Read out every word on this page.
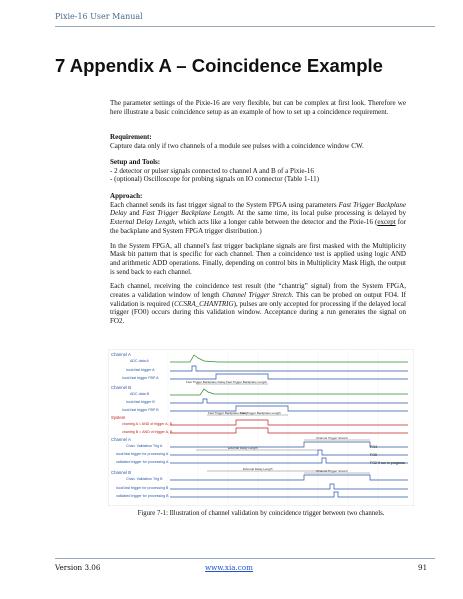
Pixie-16 User Manual
7 Appendix A – Coincidence Example

The parameter settings of the Pixie-16 are very flexible, but can be complex at first look. Therefore we here illustrate a basic coincidence setup as an example of how to set up a coincidence requirement.

Requirement:

Capture data only if two channels of a module see pulses with a coincidence window CW.

Setup and Tools:

- 2 detector or pulser signals connected to channel A and B of a Pixie-16
- (optional) Oscilloscope for probing signals on IO connector (Table 1-11)

Approach:

Each channel sends its fast trigger signal to the System FPGA using parameters Fast Trigger Backplane Delay and Fast Trigger Backplane Length. At the same time, its local pulse processing is delayed by External Delay Length, which acts like a longer cable between the detector and the Pixie-16 (except for the backplane and System FPGA trigger distribution.)

In the System FPGA, all channel's fast trigger backplane signals are first masked with the Multiplicity Mask bit pattern that is specific for each channel. Then a coincidence test is applied using logic AND and arithmetic ADD operations. Finally, depending on control bits in Multiplicity Mask High, the output is send back to each channel.

Each channel, receiving the coincidence test result (the “chantrig” signal) from the System FPGA, creates a validation window of length Channel Trigger Stretch. This can be probed on output FO4. If validation is required (CCSRA_CHANTRIG), pulses are only accepted for processing if the delayed local trigger (FO0) occurs during this validation window. Acceptance during a run generates the signal on FO2.

Channel A
Channel B
System
Channel A
Channel B
ADC data A
local fast trigger A
local fast trigger FBP A
ADC data B
local fast trigger B
local fast trigger FBP B
chantrig A = AND of trigger A, B
chantrig B = AND of trigger A, B
Chan. Validation Trig A
local fast trigger for processing A
validated trigger for processing A
Chan. Validation Trig B
local fast trigger for processing B
validated trigger for processing B
Fast Trigger Backplane Delay Fast Trigger Backplane Length
Fast Trigger Backplane Delay
Fast Trigger Backplane Length
External Delay Length
Channel Trigger Stretch
External Delay Length	Channel Trigger Stretch
FO4
FO0
FO2 if run in progress
Figure 7-1: Illustration of channel validation by coincidence trigger between two channels.
Version 3.06	www.xia.com	91
